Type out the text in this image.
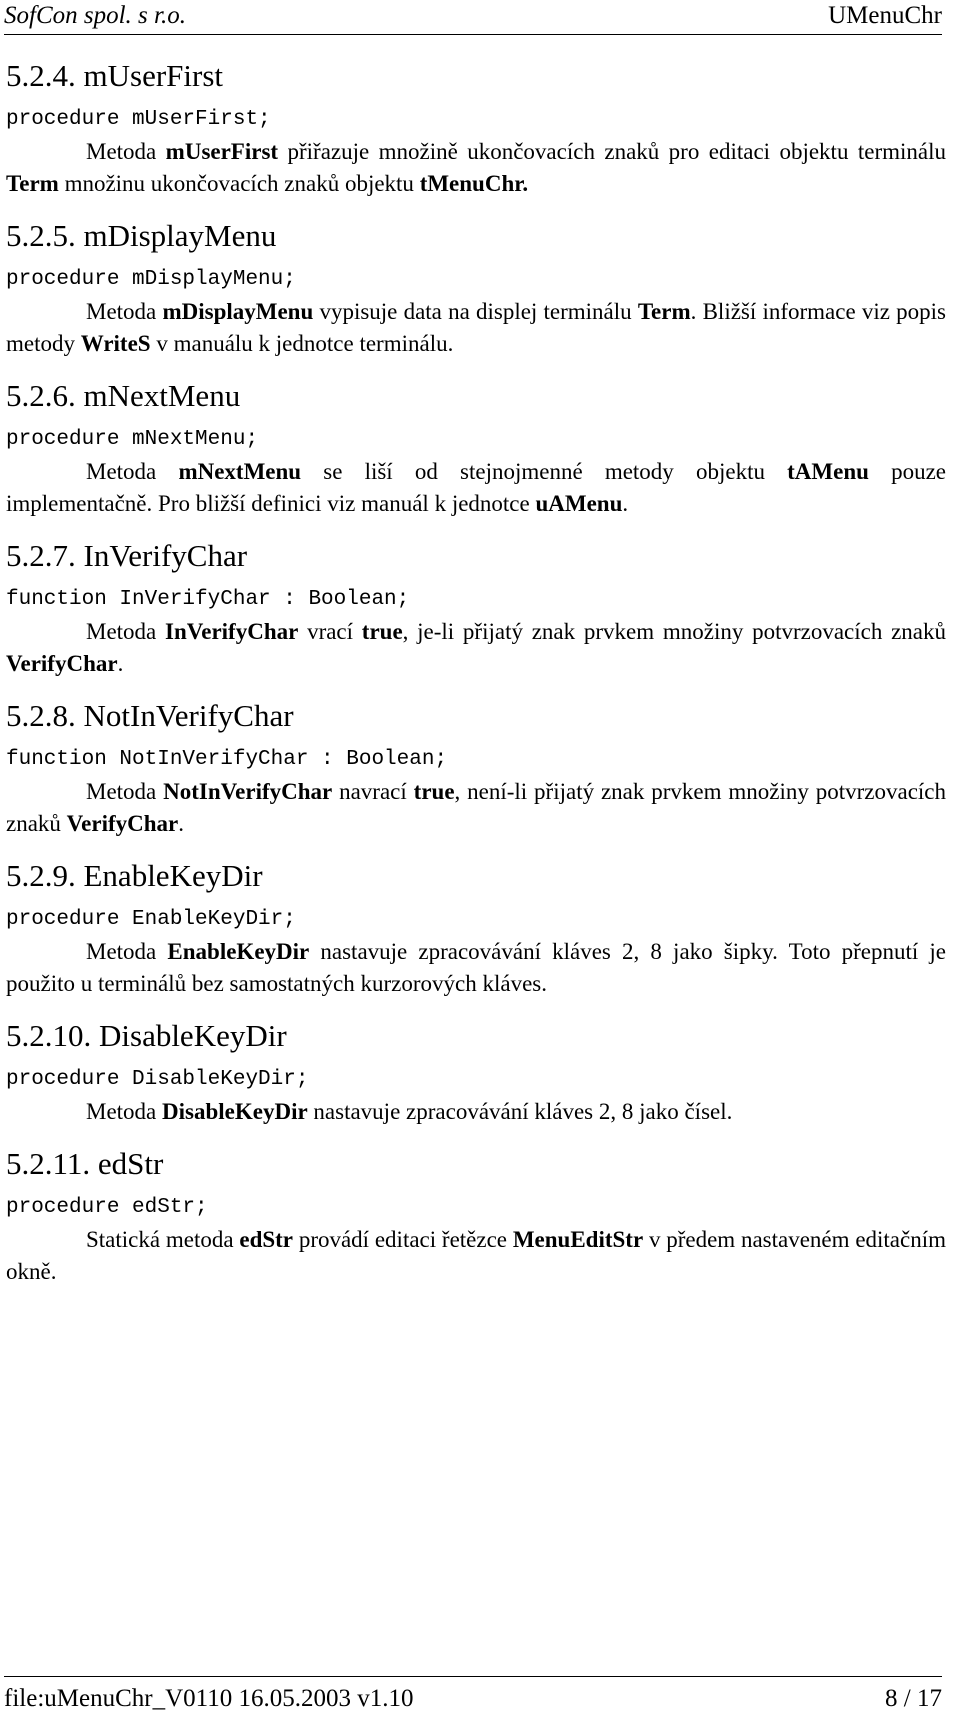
SofCon spol. s r.o.	UMenuChr
5.2.4. mUserFirst
procedure mUserFirst;
Metoda mUserFirst přiřazuje množině ukončovacích znaků pro editaci objektu terminálu Term množinu ukončovacích znaků objektu tMenuChr.
5.2.5. mDisplayMenu
procedure mDisplayMenu;
Metoda mDisplayMenu vypisuje data na displej terminálu Term. Bližší informace viz popis metody WriteS v manuálu k jednotce terminálu.
5.2.6. mNextMenu
procedure mNextMenu;
Metoda mNextMenu se liší od stejnojmenné metody objektu tAMenu pouze implementačně. Pro bližší definici viz manuál k jednotce uAMenu.
5.2.7. InVerifyChar
function InVerifyChar : Boolean;
Metoda InVerifyChar vrací true, je-li přijatý znak prvkem množiny potvrzovacích znaků VerifyChar.
5.2.8. NotInVerifyChar
function NotInVerifyChar : Boolean;
Metoda NotInVerifyChar navrací true, není-li přijatý znak prvkem množiny potvrzovacích znaků VerifyChar.
5.2.9. EnableKeyDir
procedure EnableKeyDir;
Metoda EnableKeyDir nastavuje zpracovávání kláves 2, 8 jako šipky. Toto přepnutí je použito u terminálů bez samostatných kurzorových kláves.
5.2.10. DisableKeyDir
procedure DisableKeyDir;
Metoda DisableKeyDir nastavuje zpracovávání kláves 2, 8 jako čísel.
5.2.11. edStr
procedure edStr;
Statická metoda edStr provádí editaci řetězce MenuEditStr v předem nastaveném editačním okně.
file:uMenuChr_V0110 16.05.2003 v1.10	8 / 17
